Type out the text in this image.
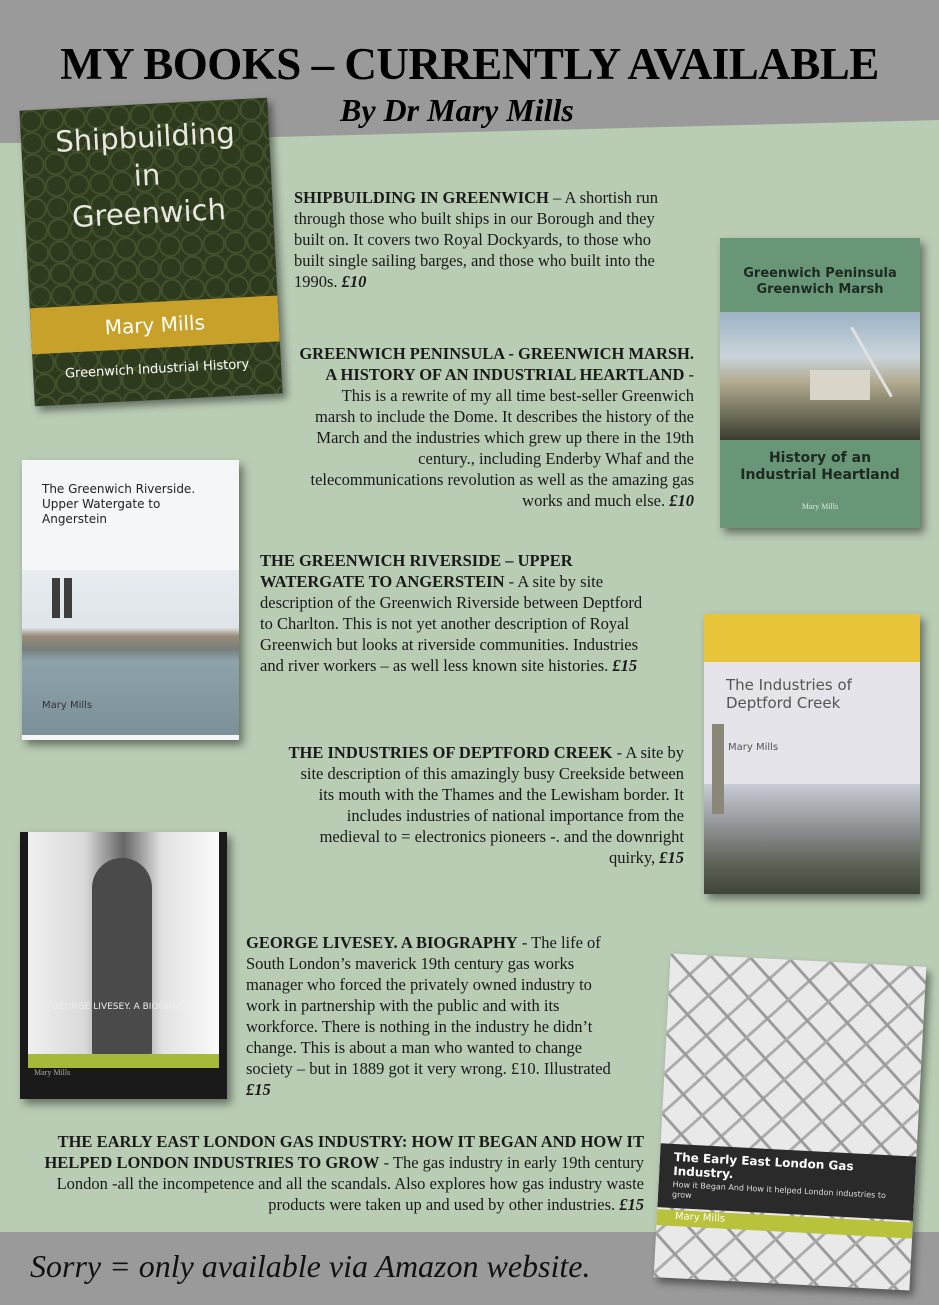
MY BOOKS – CURRENTLY AVAILABLE
By Dr Mary Mills
Shipbuilding
in
Greenwich
Mary Mills
Greenwich Industrial History
SHIPBUILDING IN GREENWICH – A shortish run through those who built ships in our Borough and they built on. It covers two Royal Dockyards, to those who built single sailing barges, and those who built into the 1990s. £10
GREENWICH PENINSULA - GREENWICH MARSH. A HISTORY OF AN INDUSTRIAL HEARTLAND - This is a rewrite of my all time best-seller Greenwich marsh to include the Dome. It describes the history of the March and the industries which grew up there in the 19th century., including Enderby Whaf and the telecommunications revolution as well as the amazing gas works and much else. £10
Greenwich Peninsula
Greenwich Marsh
History of an
Industrial Heartland
Mary Mills
The Greenwich Riverside.
Upper Watergate to
Angerstein
Mary Mills
THE GREENWICH RIVERSIDE – UPPER WATERGATE TO ANGERSTEIN - A site by site description of the Greenwich Riverside between Deptford to Charlton. This is not yet another description of Royal Greenwich but looks at riverside communities. Industries and river workers – as well less known site histories. £15
THE INDUSTRIES OF DEPTFORD CREEK - A site by site description of this amazingly busy Creekside between its mouth with the Thames and the Lewisham border. It includes industries of national importance from the medieval to = electronics pioneers -. and the downright quirky, £15
The Industries of
Deptford Creek
Mary Mills
GEORGE LIVESEY. A BIOGRAPHY
Mary Mills
GEORGE LIVESEY. A BIOGRAPHY - The life of South London’s maverick 19th century gas works manager who forced the privately owned industry to work in partnership with the public and with its workforce. There is nothing in the industry he didn’t change. This is about a man who wanted to change society – but in 1889 got it very wrong. £10. Illustrated £15
THE EARLY EAST LONDON GAS INDUSTRY: HOW IT BEGAN AND HOW IT HELPED LONDON INDUSTRIES TO GROW - The gas industry in early 19th century London -all the incompetence and all the scandals. Also explores how gas industry waste products were taken up and used by other industries. £15
Sorry = only available via Amazon website.
The Early East London Gas Industry.
How it Began And How it helped London industries to grow
Mary Mills
